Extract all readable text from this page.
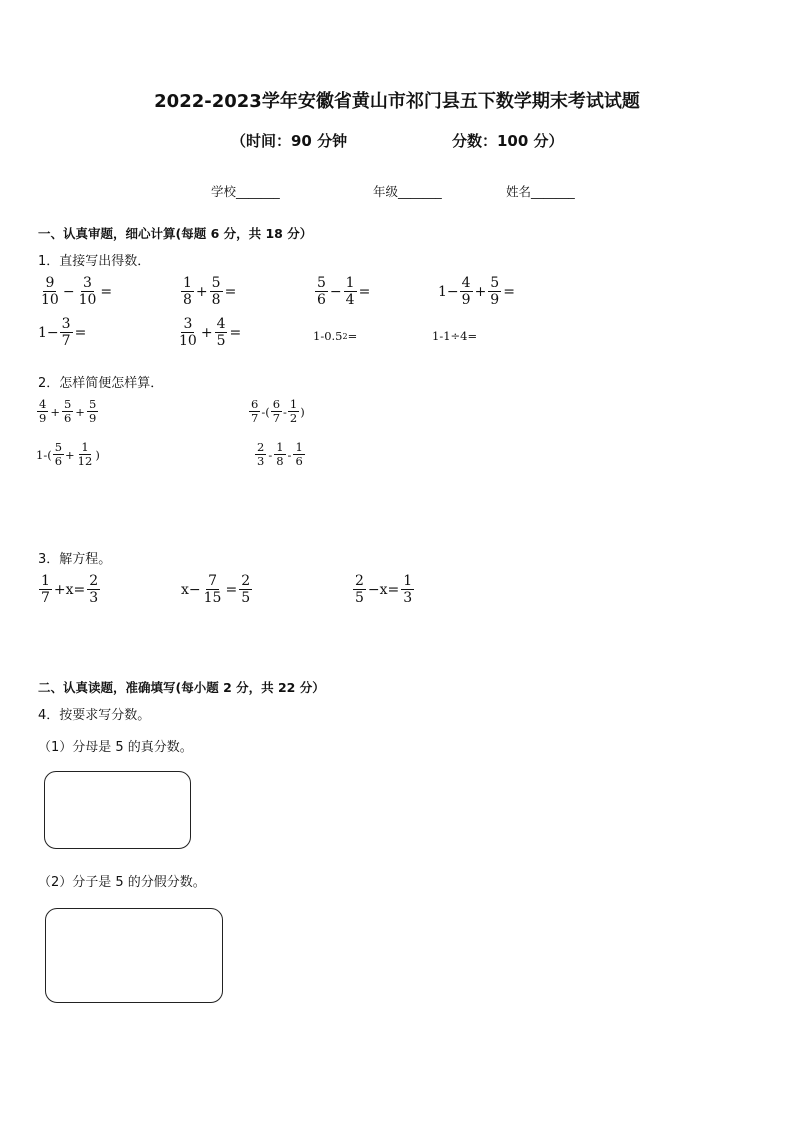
2022-2023学年安徽省黄山市祁门县五下数学期末考试试题
（时间：90 分钟	分数：100 分）
学校_______	年级_______	姓名_______
一、认真审题，细心计算(每题 6 分，共 18 分）
1．直接写出得数．
$\frac{9}{10} - \frac{3}{10}$ =	$\frac{1}{8} + \frac{5}{8}$ =	$\frac{5}{6} - \frac{1}{4}$ =	$1- \frac{4}{9} + \frac{5}{9}$ =
$1- \frac{3}{7}$ =	$\frac{3}{10} + \frac{4}{5}$ =	1-0.5 2 =	1-1÷4=
2．怎样简便怎样算．
$\frac{4}{9} + \frac{5}{6} + \frac{5}{9}$	$\frac{6}{7}$ -( $\frac{6}{7} - \frac{1}{2}$ )
$1-( \frac{5}{6} + \frac{1}{12}$ )	$\frac{2}{3} - \frac{1}{8} - \frac{1}{6}$
3．解方程。
$\frac{1}{7} +x= \frac{2}{3}$	$x- \frac{7}{15} = \frac{2}{5}$	$\frac{2}{5} -x= \frac{1}{3}$
二、认真读题，准确填写(每小题 2 分，共 22 分）
4．按要求写分数。
（1）分母是 5 的真分数。
（2）分子是 5 的分假分数。
